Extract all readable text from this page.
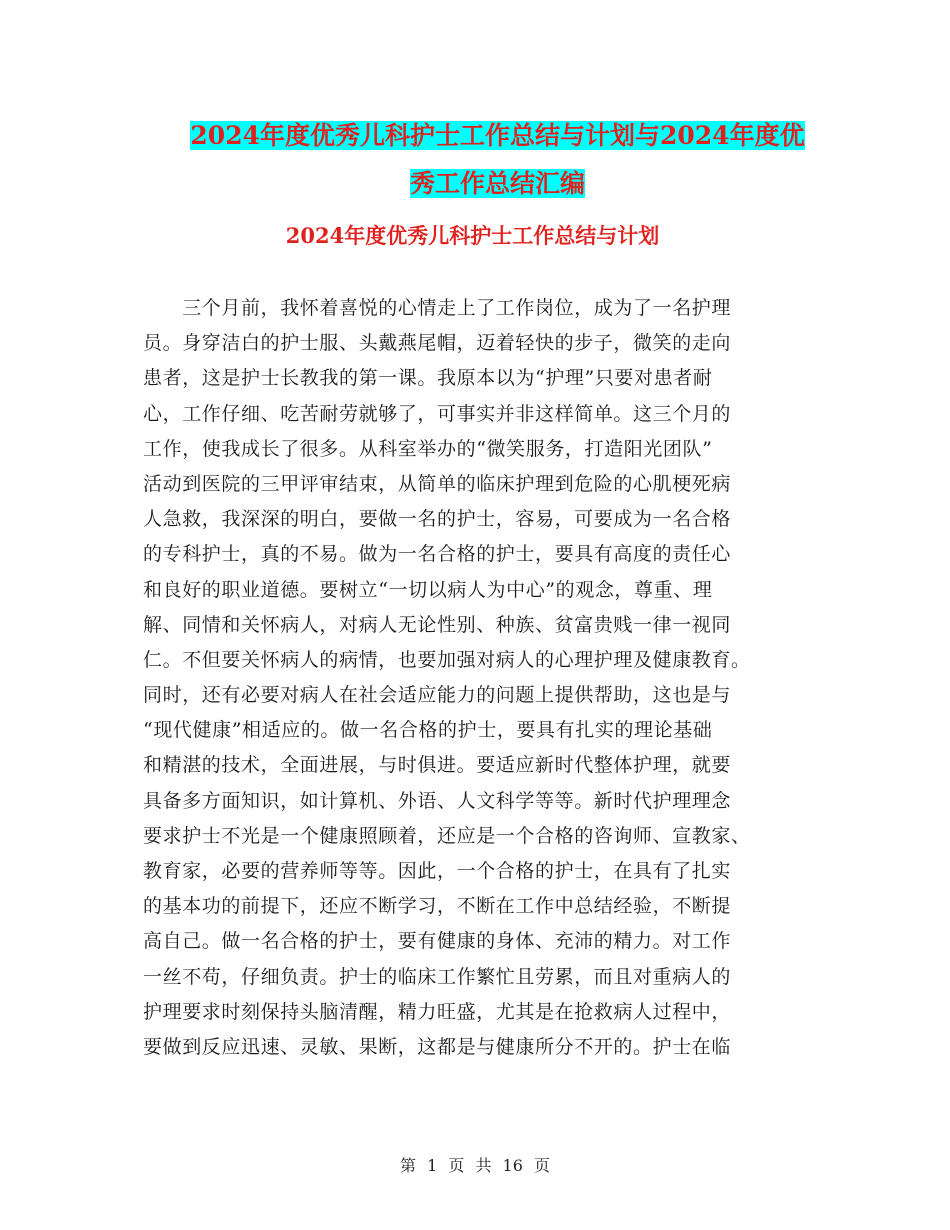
2024年度优秀儿科护士工作总结与计划与2024年度优
秀工作总结汇编
2024年度优秀儿科护士工作总结与计划
　　三个月前，我怀着喜悦的心情走上了工作岗位，成为了一名护理
员。身穿洁白的护士服、头戴燕尾帽，迈着轻快的步子，微笑的走向
患者，这是护士长教我的第一课。我原本以为“护理”只要对患者耐
心，工作仔细、吃苦耐劳就够了，可事实并非这样简单。这三个月的
工作，使我成长了很多。从科室举办的“微笑服务，打造阳光团队”
活动到医院的三甲评审结束，从简单的临床护理到危险的心肌梗死病
人急救，我深深的明白，要做一名的护士，容易，可要成为一名合格
的专科护士，真的不易。做为一名合格的护士，要具有高度的责任心
和良好的职业道德。要树立“一切以病人为中心”的观念，尊重、理
解、同情和关怀病人，对病人无论性别、种族、贫富贵贱一律一视同
仁。不但要关怀病人的病情，也要加强对病人的心理护理及健康教育。
同时，还有必要对病人在社会适应能力的问题上提供帮助，这也是与
“现代健康”相适应的。做一名合格的护士，要具有扎实的理论基础
和精湛的技术，全面进展，与时俱进。要适应新时代整体护理，就要
具备多方面知识，如计算机、外语、人文科学等等。新时代护理理念
要求护士不光是一个健康照顾着，还应是一个合格的咨询师、宣教家、
教育家，必要的营养师等等。因此，一个合格的护士，在具有了扎实
的基本功的前提下，还应不断学习，不断在工作中总结经验，不断提
高自己。做一名合格的护士，要有健康的身体、充沛的精力。对工作
一丝不苟，仔细负责。护士的临床工作繁忙且劳累，而且对重病人的
护理要求时刻保持头脑清醒，精力旺盛，尤其是在抢救病人过程中，
要做到反应迅速、灵敏、果断，这都是与健康所分不开的。护士在临
第 1 页 共 16 页
